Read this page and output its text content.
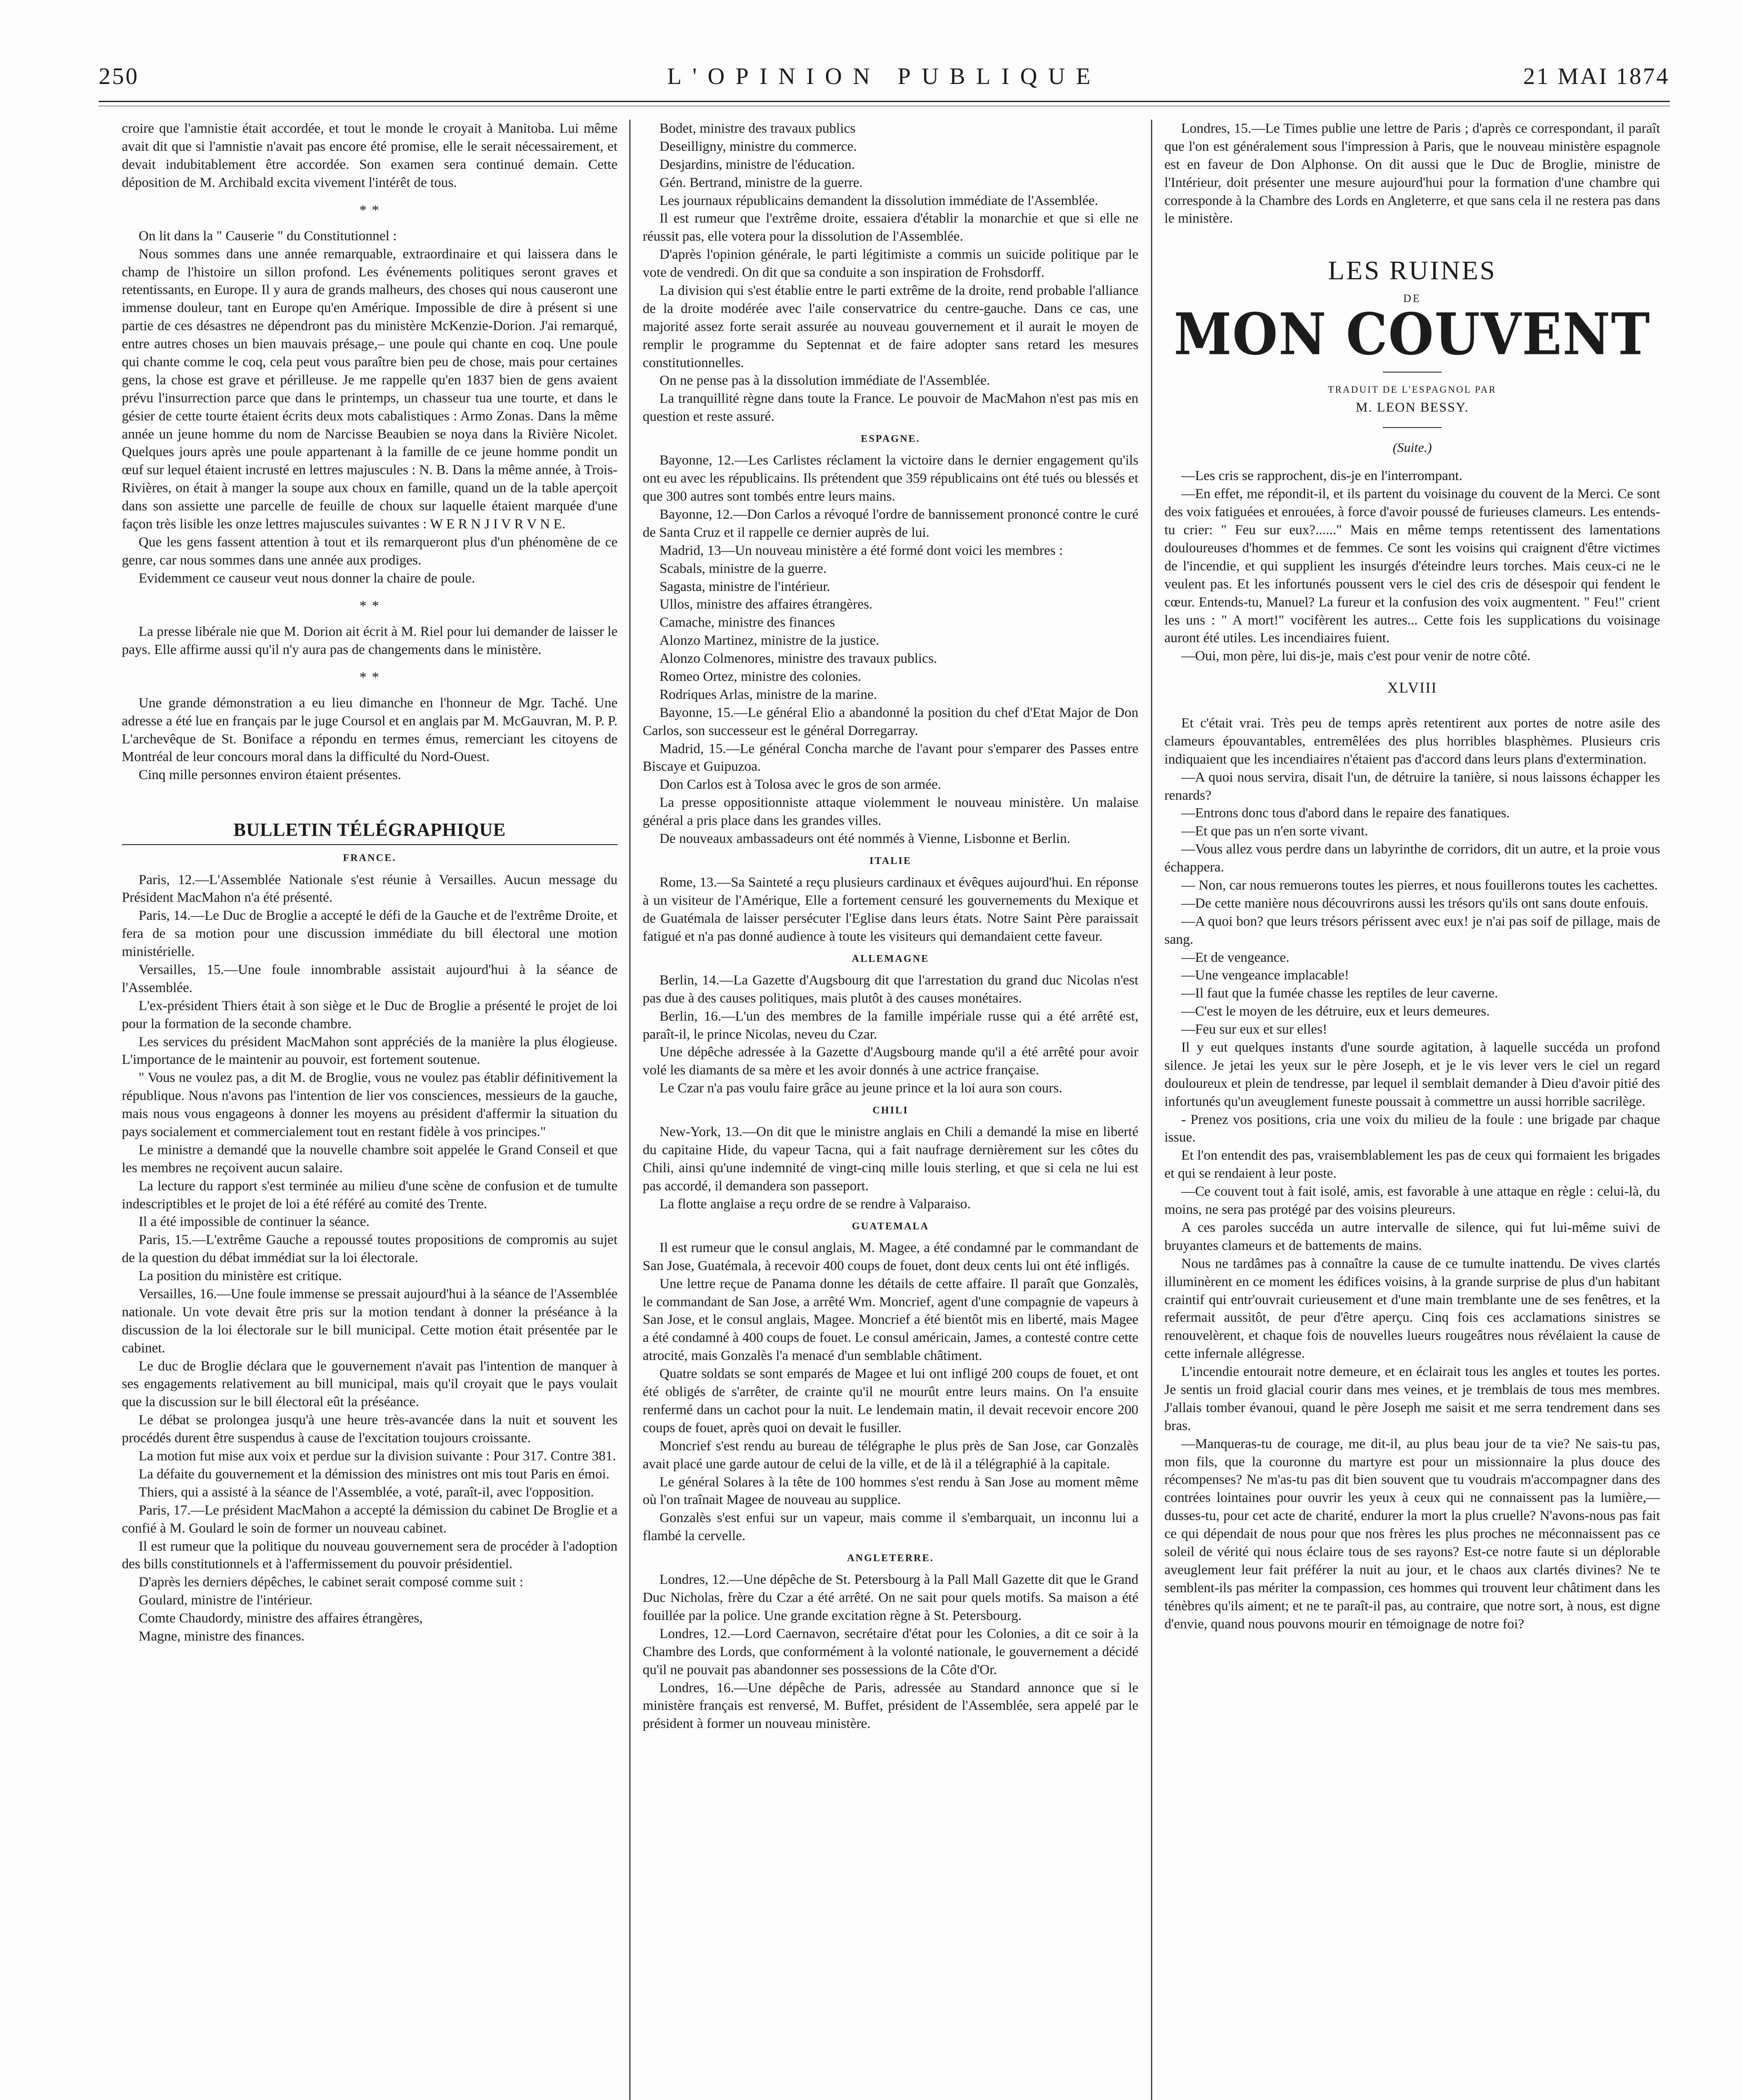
250	L'OPINION PUBLIQUE	21 MAI 1874

croire que l'amnistie était accordée, et tout le monde le croyait à Manitoba. Lui même avait dit que si l'amnistie n'avait pas encore été promise, elle le serait nécessairement, et devait indubitablement être accordée. Son examen sera continué demain. Cette déposition de M. Archibald excita vivement l'intérêt de tous.

* *

On lit dans la " Causerie " du Constitutionnel :

Nous sommes dans une année remarquable, extraordinaire et qui laissera dans le champ de l'histoire un sillon profond. Les événements politiques seront graves et retentissants, en Europe. Il y aura de grands malheurs, des choses qui nous causeront une immense douleur, tant en Europe qu'en Amérique. Impossible de dire à présent si une partie de ces désastres ne dépendront pas du ministère McKenzie-Dorion. J'ai remarqué, entre autres choses un bien mauvais présage,– une poule qui chante en coq. Une poule qui chante comme le coq, cela peut vous paraître bien peu de chose, mais pour certaines gens, la chose est grave et périlleuse. Je me rappelle qu'en 1837 bien de gens avaient prévu l'insurrection parce que dans le printemps, un chasseur tua une tourte, et dans le gésier de cette tourte étaient écrits deux mots cabalistiques : Armo Zonas. Dans la même année un jeune homme du nom de Narcisse Beaubien se noya dans la Rivière Nicolet. Quelques jours après une poule appartenant à la famille de ce jeune homme pondit un œuf sur lequel étaient incrusté en lettres majuscules : N. B. Dans la même année, à Trois-Rivières, on était à manger la soupe aux choux en famille, quand un de la table aperçoit dans son assiette une parcelle de feuille de choux sur laquelle étaient marquée d'une façon très lisible les onze lettres majuscules suivantes : W E R N J I V R V N E.

Que les gens fassent attention à tout et ils remarqueront plus d'un phénomène de ce genre, car nous sommes dans une année aux prodiges.

Evidemment ce causeur veut nous donner la chaire de poule.

* *

La presse libérale nie que M. Dorion ait écrit à M. Riel pour lui demander de laisser le pays. Elle affirme aussi qu'il n'y aura pas de changements dans le ministère.

* *

Une grande démonstration a eu lieu dimanche en l'honneur de Mgr. Taché. Une adresse a été lue en français par le juge Coursol et en anglais par M. McGauvran, M. P. P. L'archevêque de St. Boniface a répondu en termes émus, remerciant les citoyens de Montréal de leur concours moral dans la difficulté du Nord-Ouest.

Cinq mille personnes environ étaient présentes.

BULLETIN TÉLÉGRAPHIQUE
FRANCE.

Paris, 12.—L'Assemblée Nationale s'est réunie à Versailles. Aucun message du Président MacMahon n'a été présenté.

Paris, 14.—Le Duc de Broglie a accepté le défi de la Gauche et de l'extrême Droite, et fera de sa motion pour une discussion immédiate du bill électoral une motion ministérielle.

Versailles, 15.—Une foule innombrable assistait aujourd'hui à la séance de l'Assemblée.

L'ex-président Thiers était à son siège et le Duc de Broglie a présenté le projet de loi pour la formation de la seconde chambre.

Les services du président MacMahon sont appréciés de la manière la plus élogieuse. L'importance de le maintenir au pouvoir, est fortement soutenue.

" Vous ne voulez pas, a dit M. de Broglie, vous ne voulez pas établir définitivement la république. Nous n'avons pas l'intention de lier vos consciences, messieurs de la gauche, mais nous vous engageons à donner les moyens au président d'affermir la situation du pays socialement et commercialement tout en restant fidèle à vos principes."

Le ministre a demandé que la nouvelle chambre soit appelée le Grand Conseil et que les membres ne reçoivent aucun salaire.

La lecture du rapport s'est terminée au milieu d'une scène de confusion et de tumulte indescriptibles et le projet de loi a été référé au comité des Trente.

Il a été impossible de continuer la séance.

Paris, 15.—L'extrême Gauche a repoussé toutes propositions de compromis au sujet de la question du débat immédiat sur la loi électorale.

La position du ministère est critique.

Versailles, 16.—Une foule immense se pressait aujourd'hui à la séance de l'Assemblée nationale. Un vote devait être pris sur la motion tendant à donner la préséance à la discussion de la loi électorale sur le bill municipal. Cette motion était présentée par le cabinet.

Le duc de Broglie déclara que le gouvernement n'avait pas l'intention de manquer à ses engagements relativement au bill municipal, mais qu'il croyait que le pays voulait que la discussion sur le bill électoral eût la préséance.

Le débat se prolongea jusqu'à une heure très-avancée dans la nuit et souvent les procédés durent être suspendus à cause de l'excitation toujours croissante.

La motion fut mise aux voix et perdue sur la division suivante : Pour 317. Contre 381.

La défaite du gouvernement et la démission des ministres ont mis tout Paris en émoi.

Thiers, qui a assisté à la séance de l'Assemblée, a voté, paraît-il, avec l'opposition.

Paris, 17.—Le président MacMahon a accepté la démission du cabinet De Broglie et a confié à M. Goulard le soin de former un nouveau cabinet.

Il est rumeur que la politique du nouveau gouvernement sera de procéder à l'adoption des bills constitutionnels et à l'affermissement du pouvoir présidentiel.

D'après les derniers dépêches, le cabinet serait composé comme suit :

Goulard, ministre de l'intérieur.

Comte Chaudordy, ministre des affaires étrangères,

Magne, ministre des finances.

Bodet, ministre des travaux publics

Deseilligny, ministre du commerce.

Desjardins, ministre de l'éducation.

Gén. Bertrand, ministre de la guerre.

Les journaux républicains demandent la dissolution immédiate de l'Assemblée.

Il est rumeur que l'extrême droite, essaiera d'établir la monarchie et que si elle ne réussit pas, elle votera pour la dissolution de l'Assemblée.

D'après l'opinion générale, le parti légitimiste a commis un suicide politique par le vote de vendredi. On dit que sa conduite a son inspiration de Frohsdorff.

La division qui s'est établie entre le parti extrême de la droite, rend probable l'alliance de la droite modérée avec l'aile conservatrice du centre-gauche. Dans ce cas, une majorité assez forte serait assurée au nouveau gouvernement et il aurait le moyen de remplir le programme du Septennat et de faire adopter sans retard les mesures constitutionnelles.

On ne pense pas à la dissolution immédiate de l'Assemblée.

La tranquillité règne dans toute la France. Le pouvoir de MacMahon n'est pas mis en question et reste assuré.

ESPAGNE.

Bayonne, 12.—Les Carlistes réclament la victoire dans le dernier engagement qu'ils ont eu avec les républicains. Ils prétendent que 359 républicains ont été tués ou blessés et que 300 autres sont tombés entre leurs mains.

Bayonne, 12.—Don Carlos a révoqué l'ordre de bannissement prononcé contre le curé de Santa Cruz et il rappelle ce dernier auprès de lui.

Madrid, 13—Un nouveau ministère a été formé dont voici les membres :

Scabals, ministre de la guerre.

Sagasta, ministre de l'intérieur.

Ullos, ministre des affaires étrangères.

Camache, ministre des finances

Alonzo Martinez, ministre de la justice.

Alonzo Colmenores, ministre des travaux publics.

Romeo Ortez, ministre des colonies.

Rodriques Arlas, ministre de la marine.

Bayonne, 15.—Le général Elio a abandonné la position du chef d'Etat Major de Don Carlos, son successeur est le général Dorregarray.

Madrid, 15.—Le général Concha marche de l'avant pour s'emparer des Passes entre Biscaye et Guipuzoa.

Don Carlos est à Tolosa avec le gros de son armée.

La presse oppositionniste attaque violemment le nouveau ministère. Un malaise général a pris place dans les grandes villes.

De nouveaux ambassadeurs ont été nommés à Vienne, Lisbonne et Berlin.

ITALIE

Rome, 13.—Sa Sainteté a reçu plusieurs cardinaux et évêques aujourd'hui. En réponse à un visiteur de l'Amérique, Elle a fortement censuré les gouvernements du Mexique et de Guatémala de laisser persécuter l'Eglise dans leurs états. Notre Saint Père paraissait fatigué et n'a pas donné audience à toute les visiteurs qui demandaient cette faveur.

ALLEMAGNE

Berlin, 14.—La Gazette d'Augsbourg dit que l'arrestation du grand duc Nicolas n'est pas due à des causes politiques, mais plutôt à des causes monétaires.

Berlin, 16.—L'un des membres de la famille impériale russe qui a été arrêté est, paraît-il, le prince Nicolas, neveu du Czar.

Une dépêche adressée à la Gazette d'Augsbourg mande qu'il a été arrêté pour avoir volé les diamants de sa mère et les avoir donnés à une actrice française.

Le Czar n'a pas voulu faire grâce au jeune prince et la loi aura son cours.

CHILI

New-York, 13.—On dit que le ministre anglais en Chili a demandé la mise en liberté du capitaine Hide, du vapeur Tacna, qui a fait naufrage dernièrement sur les côtes du Chili, ainsi qu'une indemnité de vingt-cinq mille louis sterling, et que si cela ne lui est pas accordé, il demandera son passeport.

La flotte anglaise a reçu ordre de se rendre à Valparaiso.

GUATEMALA

Il est rumeur que le consul anglais, M. Magee, a été condamné par le commandant de San Jose, Guatémala, à recevoir 400 coups de fouet, dont deux cents lui ont été infligés.

Une lettre reçue de Panama donne les détails de cette affaire. Il paraît que Gonzalès, le commandant de San Jose, a arrêté Wm. Moncrief, agent d'une compagnie de vapeurs à San Jose, et le consul anglais, Magee. Moncrief a été bientôt mis en liberté, mais Magee a été condamné à 400 coups de fouet. Le consul américain, James, a contesté contre cette atrocité, mais Gonzalès l'a menacé d'un semblable châtiment.

Quatre soldats se sont emparés de Magee et lui ont infligé 200 coups de fouet, et ont été obligés de s'arrêter, de crainte qu'il ne mourût entre leurs mains. On l'a ensuite renfermé dans un cachot pour la nuit. Le lendemain matin, il devait recevoir encore 200 coups de fouet, après quoi on devait le fusiller.

Moncrief s'est rendu au bureau de télégraphe le plus près de San Jose, car Gonzalès avait placé une garde autour de celui de la ville, et de là il a télégraphié à la capitale.

Le général Solares à la tête de 100 hommes s'est rendu à San Jose au moment même où l'on traînait Magee de nouveau au supplice.

Gonzalès s'est enfui sur un vapeur, mais comme il s'embarquait, un inconnu lui a flambé la cervelle.

ANGLETERRE.

Londres, 12.—Une dépêche de St. Petersbourg à la Pall Mall Gazette dit que le Grand Duc Nicholas, frère du Czar a été arrêté. On ne sait pour quels motifs. Sa maison a été fouillée par la police. Une grande excitation règne à St. Petersbourg.

Londres, 12.—Lord Caernavon, secrétaire d'état pour les Colonies, a dit ce soir à la Chambre des Lords, que conformément à la volonté nationale, le gouvernement a décidé qu'il ne pouvait pas abandonner ses possessions de la Côte d'Or.

Londres, 16.—Une dépêche de Paris, adressée au Standard annonce que si le ministère français est renversé, M. Buffet, président de l'Assemblée, sera appelé par le président à former un nouveau ministère.

Londres, 15.—Le Times publie une lettre de Paris ; d'après ce correspondant, il paraît que l'on est généralement sous l'impression à Paris, que le nouveau ministère espagnole est en faveur de Don Alphonse. On dit aussi que le Duc de Broglie, ministre de l'Intérieur, doit présenter une mesure aujourd'hui pour la formation d'une chambre qui corresponde à la Chambre des Lords en Angleterre, et que sans cela il ne restera pas dans le ministère.

LES RUINES
DE
MON COUVENT
TRADUIT DE L'ESPAGNOL PAR
M. LEON BESSY.
(Suite.)

—Les cris se rapprochent, dis-je en l'interrompant.

—En effet, me répondit-il, et ils partent du voisinage du couvent de la Merci. Ce sont des voix fatiguées et enrouées, à force d'avoir poussé de furieuses clameurs. Les entends-tu crier: " Feu sur eux?......" Mais en même temps retentissent des lamentations douloureuses d'hommes et de femmes. Ce sont les voisins qui craignent d'être victimes de l'incendie, et qui supplient les insurgés d'éteindre leurs torches. Mais ceux-ci ne le veulent pas. Et les infortunés poussent vers le ciel des cris de désespoir qui fendent le cœur. Entends-tu, Manuel? La fureur et la confusion des voix augmentent. " Feu!" crient les uns : " A mort!" vocifèrent les autres... Cette fois les supplications du voisinage auront été utiles. Les incendiaires fuient.

—Oui, mon père, lui dis-je, mais c'est pour venir de notre côté.

XLVIII

Et c'était vrai. Très peu de temps après retentirent aux portes de notre asile des clameurs épouvantables, entremêlées des plus horribles blasphèmes. Plusieurs cris indiquaient que les incendiaires n'étaient pas d'accord dans leurs plans d'extermination.

—A quoi nous servira, disait l'un, de détruire la tanière, si nous laissons échapper les renards?

—Entrons donc tous d'abord dans le repaire des fanatiques.

—Et que pas un n'en sorte vivant.

—Vous allez vous perdre dans un labyrinthe de corridors, dit un autre, et la proie vous échappera.

— Non, car nous remuerons toutes les pierres, et nous fouillerons toutes les cachettes.

—De cette manière nous découvrirons aussi les trésors qu'ils ont sans doute enfouis.

—A quoi bon? que leurs trésors périssent avec eux! je n'ai pas soif de pillage, mais de sang.

—Et de vengeance.

—Une vengeance implacable!

—Il faut que la fumée chasse les reptiles de leur caverne.

—C'est le moyen de les détruire, eux et leurs demeures.

—Feu sur eux et sur elles!

Il y eut quelques instants d'une sourde agitation, à laquelle succéda un profond silence. Je jetai les yeux sur le père Joseph, et je le vis lever vers le ciel un regard douloureux et plein de tendresse, par lequel il semblait demander à Dieu d'avoir pitié des infortunés qu'un aveuglement funeste poussait à commettre un aussi horrible sacrilège.

- Prenez vos positions, cria une voix du milieu de la foule : une brigade par chaque issue.

Et l'on entendit des pas, vraisemblablement les pas de ceux qui formaient les brigades et qui se rendaient à leur poste.

—Ce couvent tout à fait isolé, amis, est favorable à une attaque en règle : celui-là, du moins, ne sera pas protégé par des voisins pleureurs.

A ces paroles succéda un autre intervalle de silence, qui fut lui-même suivi de bruyantes clameurs et de battements de mains.

Nous ne tardâmes pas à connaître la cause de ce tumulte inattendu. De vives clartés illuminèrent en ce moment les édifices voisins, à la grande surprise de plus d'un habitant craintif qui entr'ouvrait curieusement et d'une main tremblante une de ses fenêtres, et la refermait aussitôt, de peur d'être aperçu. Cinq fois ces acclamations sinistres se renouvelèrent, et chaque fois de nouvelles lueurs rougeâtres nous révélaient la cause de cette infernale allégresse.

L'incendie entourait notre demeure, et en éclairait tous les angles et toutes les portes. Je sentis un froid glacial courir dans mes veines, et je tremblais de tous mes membres. J'allais tomber évanoui, quand le père Joseph me saisit et me serra tendrement dans ses bras.

—Manqueras-tu de courage, me dit-il, au plus beau jour de ta vie? Ne sais-tu pas, mon fils, que la couronne du martyre est pour un missionnaire la plus douce des récompenses? Ne m'as-tu pas dit bien souvent que tu voudrais m'accompagner dans des contrées lointaines pour ouvrir les yeux à ceux qui ne connaissent pas la lumière,—dusses-tu, pour cet acte de charité, endurer la mort la plus cruelle? N'avons-nous pas fait ce qui dépendait de nous pour que nos frères les plus proches ne méconnaissent pas ce soleil de vérité qui nous éclaire tous de ses rayons? Est-ce notre faute si un déplorable aveuglement leur fait préférer la nuit au jour, et le chaos aux clartés divines? Ne te semblent-ils pas mériter la compassion, ces hommes qui trouvent leur châtiment dans les ténèbres qu'ils aiment; et ne te paraît-il pas, au contraire, que notre sort, à nous, est digne d'envie, quand nous pouvons mourir en témoignage de notre foi?
